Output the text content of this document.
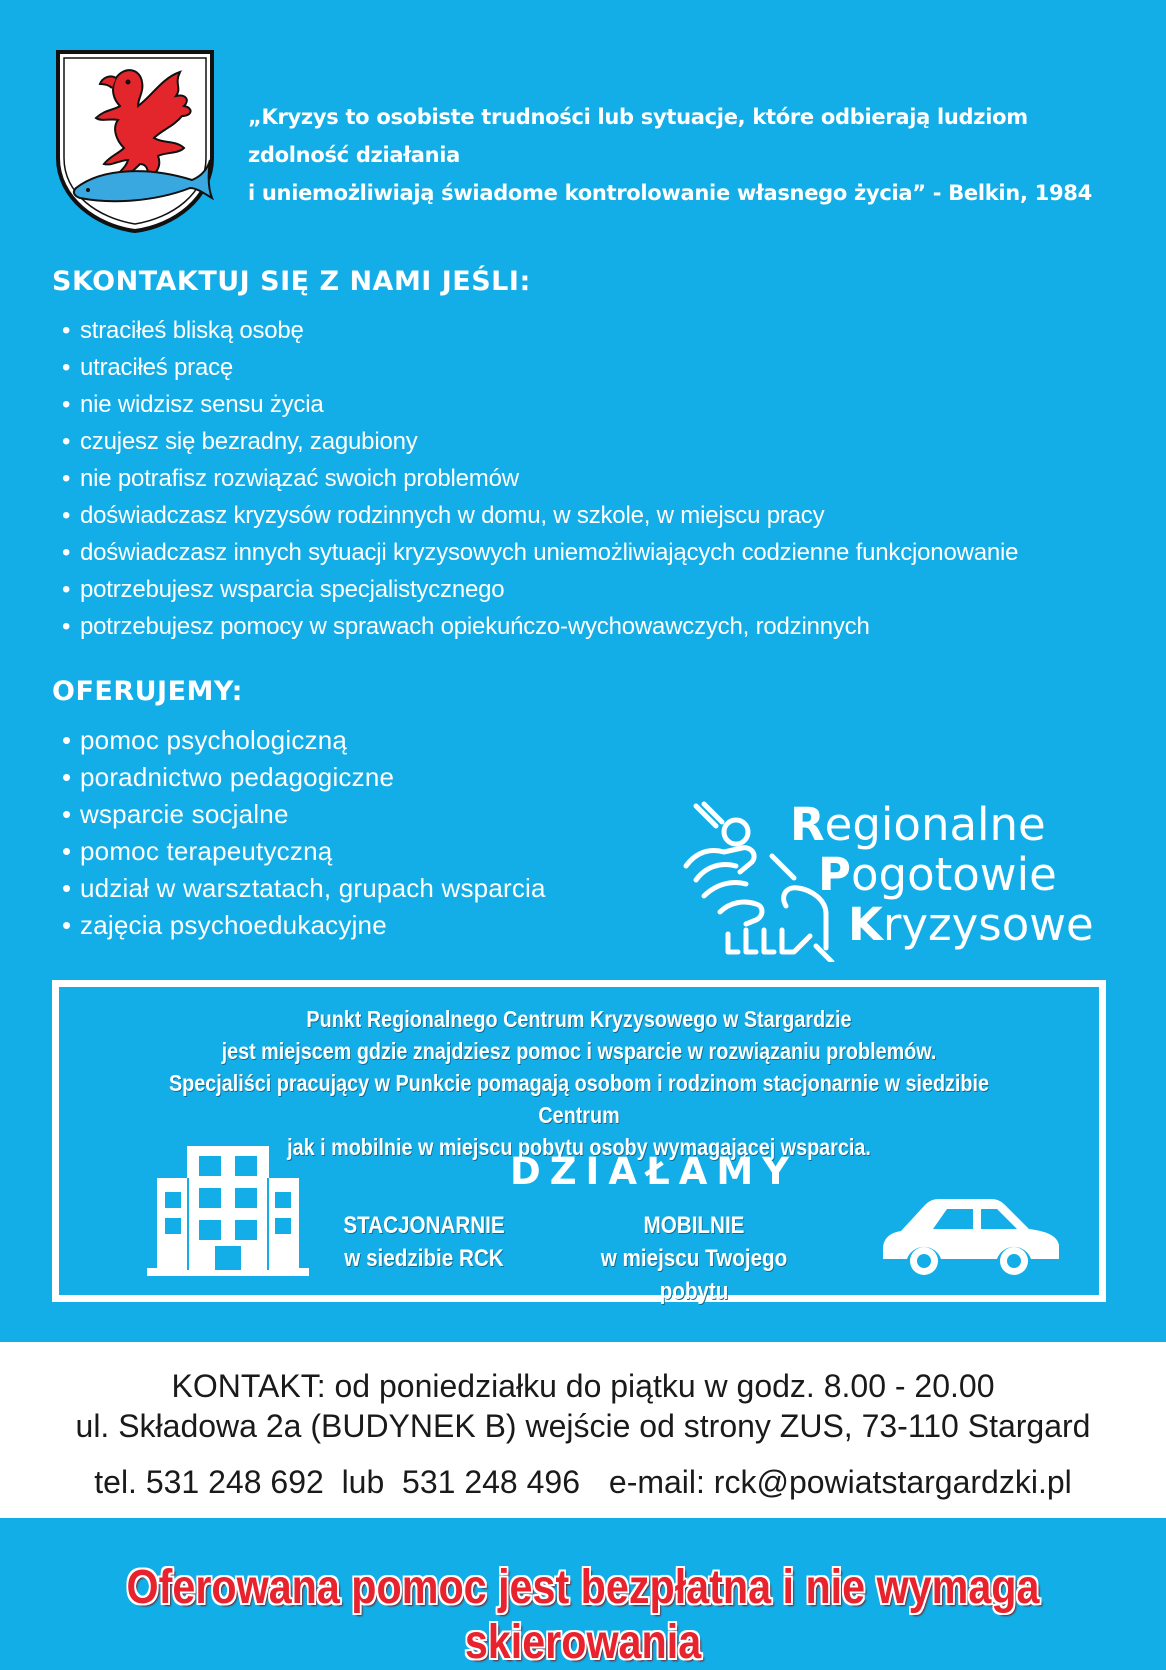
„Kryzys to osobiste trudności lub sytuacje, które odbierają ludziom zdolność działania
i uniemożliwiają świadome kontrolowanie własnego życia” - Belkin, 1984
SKONTAKTUJ SIĘ Z NAMI JEŚLI:
• straciłeś bliską osobę
• utraciłeś pracę
• nie widzisz sensu życia
• czujesz się bezradny, zagubiony
• nie potrafisz rozwiązać swoich problemów
• doświadczasz kryzysów rodzinnych w domu, w szkole, w miejscu pracy
• doświadczasz innych sytuacji kryzysowych uniemożliwiających codzienne funkcjonowanie
• potrzebujesz wsparcia specjalistycznego
• potrzebujesz pomocy w sprawach opiekuńczo-wychowawczych, rodzinnych
OFERUJEMY:
• pomoc psychologiczną
• poradnictwo pedagogiczne
• wsparcie socjalne
• pomoc terapeutyczną
• udział w warsztatach, grupach wsparcia
• zajęcia psychoedukacyjne
Regionalne
Pogotowie
Kryzysowe
Punkt Regionalnego Centrum Kryzysowego w Stargardzie
jest miejscem gdzie znajdziesz pomoc i wsparcie w rozwiązaniu problemów.
Specjaliści pracujący w Punkcie pomagają osobom i rodzinom stacjonarnie w siedzibie Centrum
jak i mobilnie w miejscu pobytu osoby wymagającej wsparcia.
DZIAŁAMY
STACJONARNIE
w siedzibie RCK
MOBILNIE
w miejscu Twojego pobytu
KONTAKT: od poniedziałku do piątku w godz. 8.00 - 20.00
ul. Składowa 2a (BUDYNEK B) wejście od strony ZUS, 73-110 Stargard
tel. 531 248 692  lub  531 248 496 e-mail: rck@powiatstargardzki.pl
Oferowana pomoc jest bezpłatna i nie wymaga skierowania
